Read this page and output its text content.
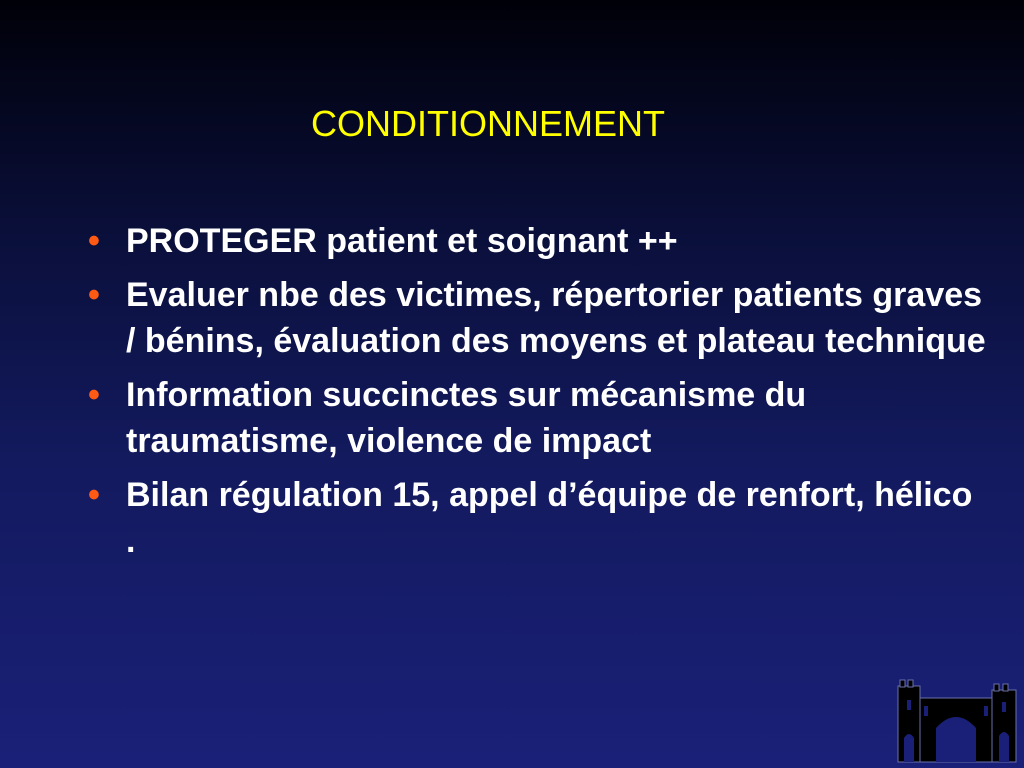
CONDITIONNEMENT
• PROTEGER patient et soignant ++
• Evaluer nbe des victimes, répertorier patients graves / bénins, évaluation des moyens et plateau technique
• Information succinctes sur mécanisme du traumatisme, violence de impact
• Bilan régulation 15, appel d’équipe de renfort, hélico .
